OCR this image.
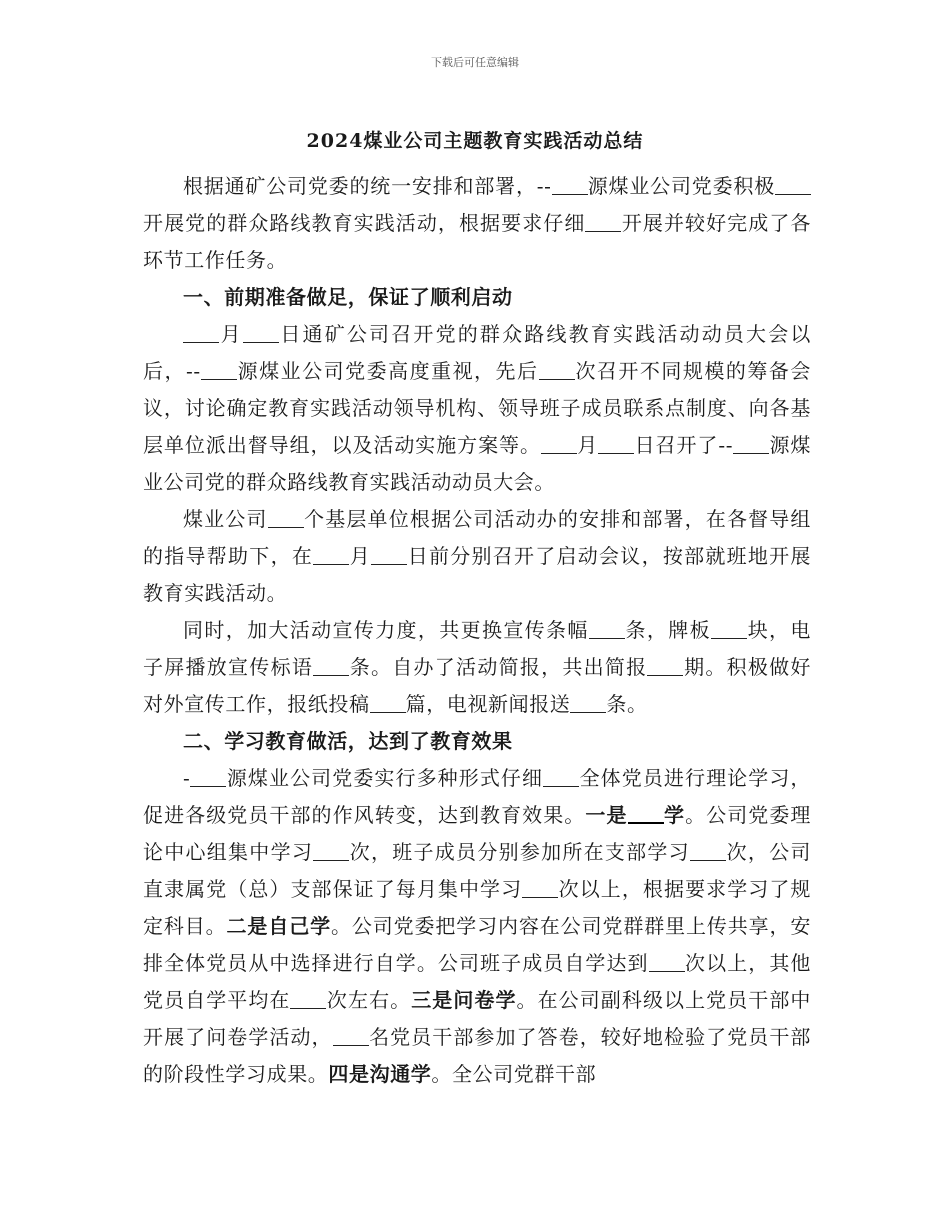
下载后可任意编辑
2024煤业公司主题教育实践活动总结

根据通矿公司党委的统一安排和部署，-- 源煤业公司党委积极开展党的群众路线教育实践活动，根据要求仔细 开展并较好完成了各环节工作任务。

一、前期准备做足，保证了顺利启动

月 日通矿公司召开党的群众路线教育实践活动动员大会以后，-- 源煤业公司党委高度重视，先后 次召开不同规模的筹备会议，讨论确定教育实践活动领导机构、领导班子成员联系点制度、向各基层单位派出督导组，以及活动实施方案等。 月 日召开了-- 源煤业公司党的群众路线教育实践活动动员大会。

煤业公司 个基层单位根据公司活动办的安排和部署，在各督导组的指导帮助下，在 月 日前分别召开了启动会议，按部就班地开展教育实践活动。

同时，加大活动宣传力度，共更换宣传条幅 条，牌板 块，电子屏播放宣传标语 条。自办了活动简报，共出简报 期。积极做好对外宣传工作，报纸投稿 篇，电视新闻报送 条。

二、学习教育做活，达到了教育效果

- 源煤业公司党委实行多种形式仔细 全体党员进行理论学习，促进各级党员干部的作风转变，达到教育效果。一是 学。公司党委理论中心组集中学习 次，班子成员分别参加所在支部学习 次，公司直隶属党（总）支部保证了每月集中学习 次以上，根据要求学习了规定科目。二是自己学。公司党委把学习内容在公司党群群里上传共享，安排全体党员从中选择进行自学。公司班子成员自学达到 次以上，其他党员自学平均在 次左右。三是问卷学。在公司副科级以上党员干部中开展了问卷学活动， 名党员干部参加了答卷，较好地检验了党员干部的阶段性学习成果。四是沟通学。全公司党群干部
